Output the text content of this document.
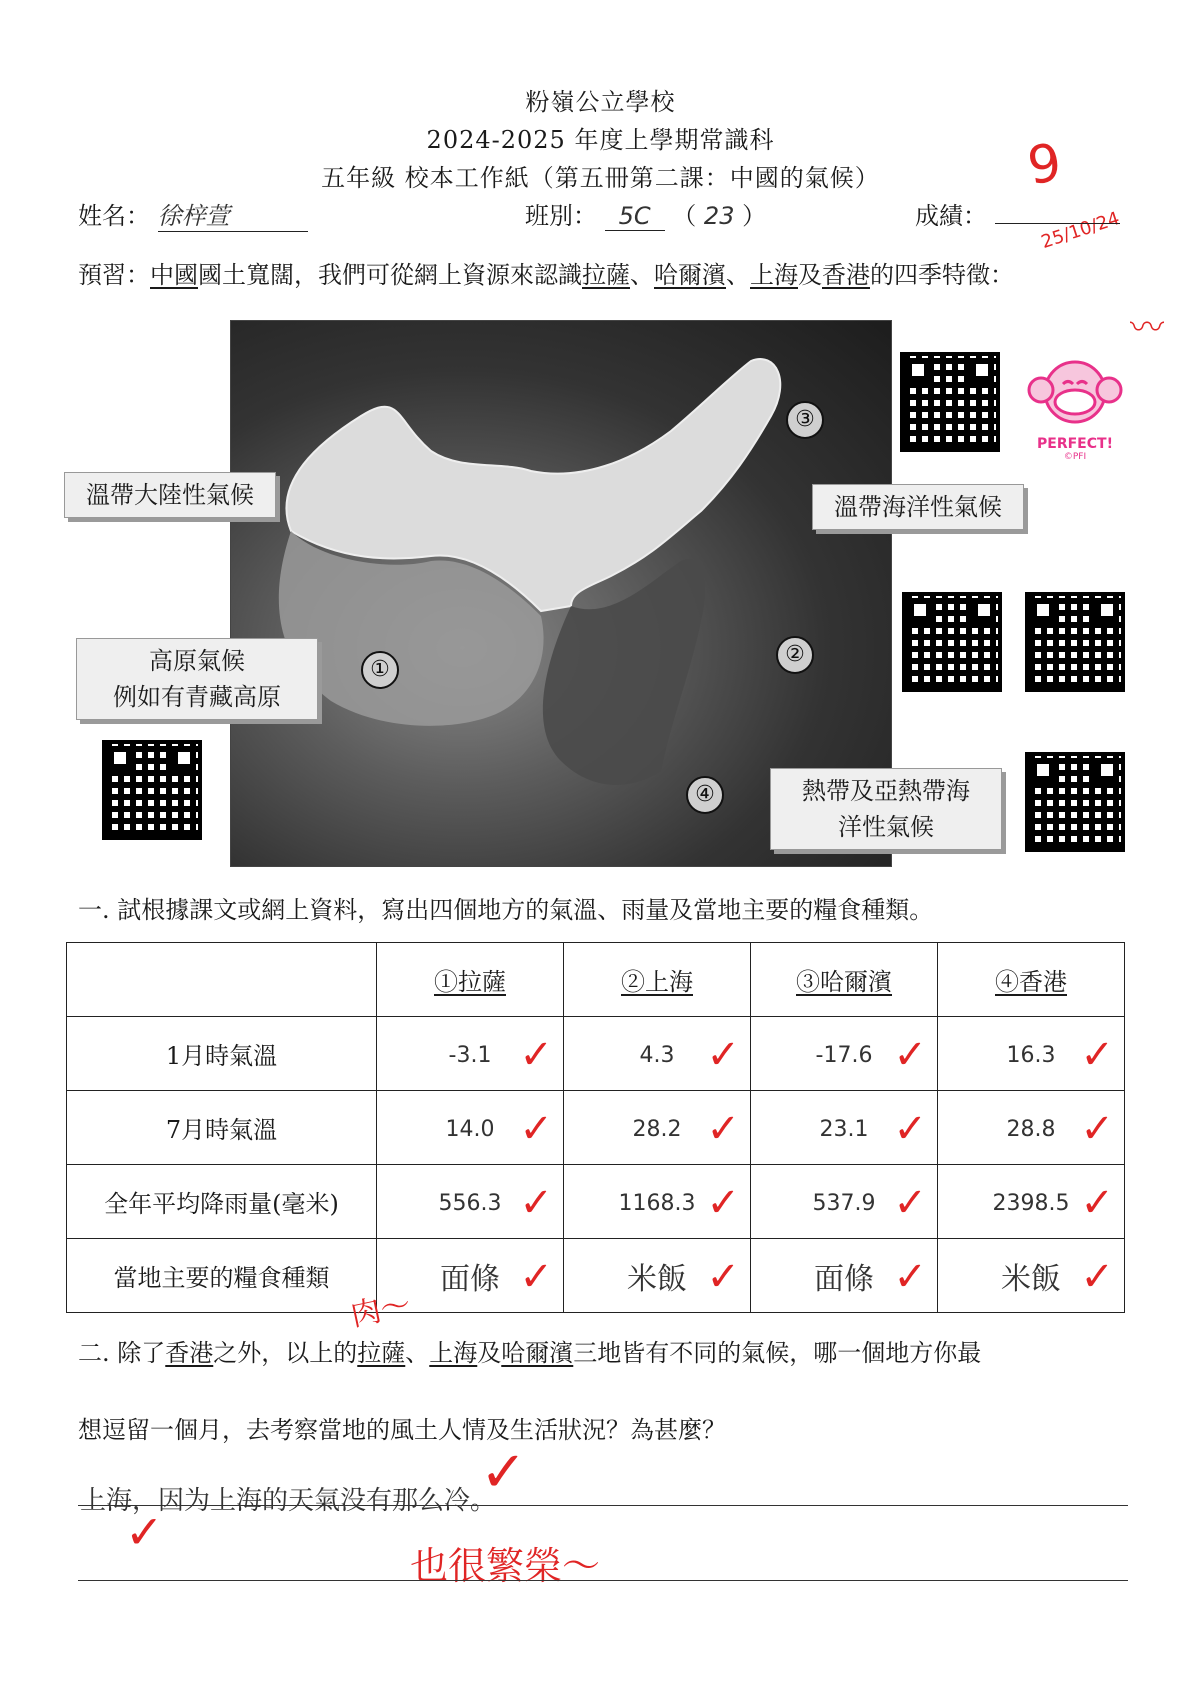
粉嶺公立學校
2024-2025 年度上學期常識科
五年級 校本工作紙（第五冊第二課：中國的氣候）	9
25/10/24
姓名： 徐梓萱	班別： 5C （ 23 ）	成績：
預習：中國國土寬闊，我們可從網上資源來認識拉薩、哈爾濱、上海及香港的四季特徵：
〰
①
②
③
④
溫帶大陸性氣候	溫帶海洋性氣候
高原氣候
例如有青藏高原
熱帶及亞熱帶海
洋性氣候
PERFECT!
©PFI
一. 試根據課文或網上資料，寫出四個地方的氣溫、雨量及當地主要的糧食種類。
	①拉薩	②上海	③哈爾濱	④香港
1月時氣溫	-3.1 ✓	4.3 ✓	-17.6 ✓	16.3 ✓

7月時氣溫	14.0 ✓	28.2 ✓	23.1 ✓	28.8 ✓

全年平均降雨量(毫米)	556.3 ✓	1168.3 ✓	537.9 ✓	2398.5 ✓

當地主要的糧食種類	面條 ✓	米飯 ✓	面條 ✓	米飯 ✓
肉～
二. 除了香港之外，以上的拉薩、上海及哈爾濱三地皆有不同的氣候，哪一個地方你最
想逗留一個月，去考察當地的風土人情及生活狀況？為甚麼？
上海，因为上海的天氣没有那么冷。
也很繁榮～
✓
✓
